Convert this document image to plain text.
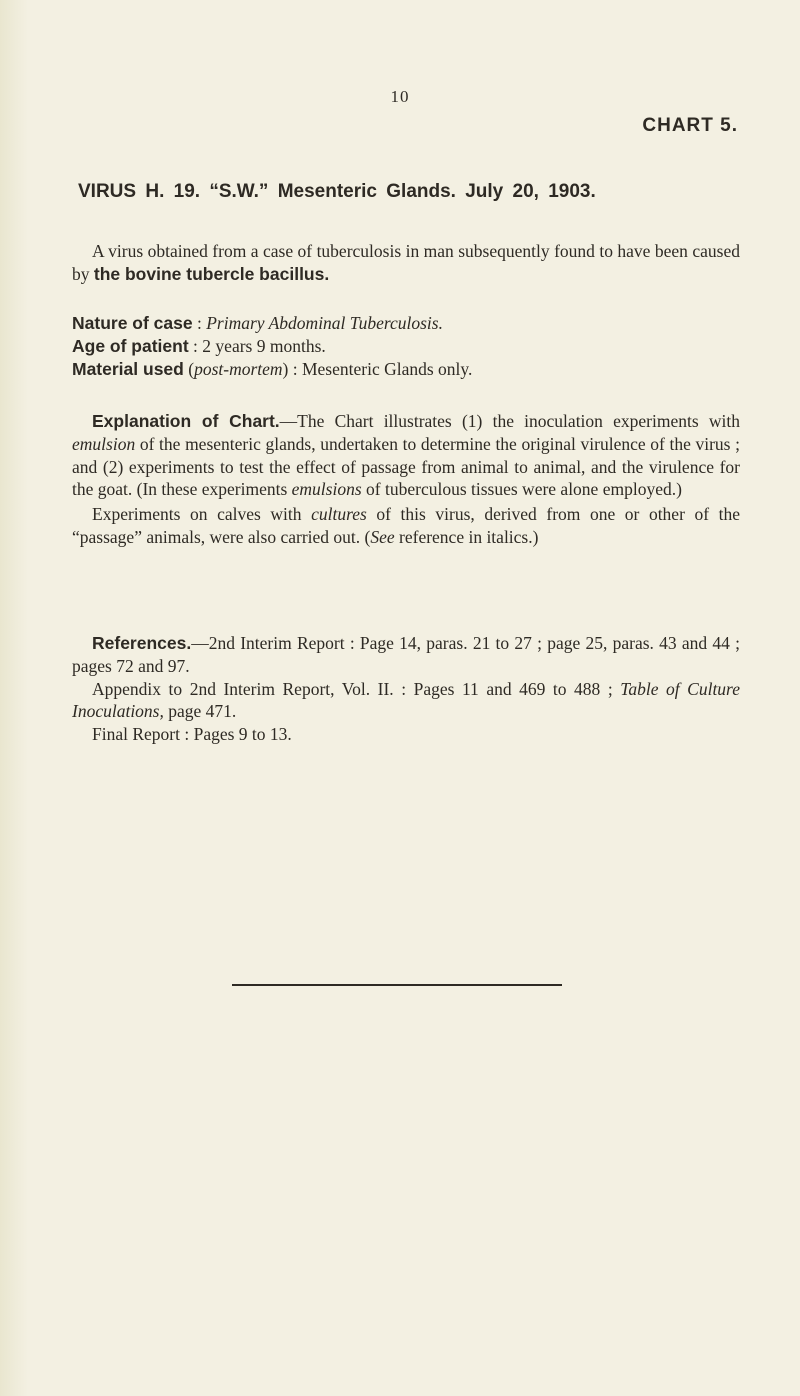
10
CHART 5.
VIRUS H. 19. “S.W.” Mesenteric Glands. July 20, 1903.

A virus obtained from a case of tuberculosis in man subsequently found to have been caused by the bovine tubercle bacillus.

Nature of case : Primary Abdominal Tuberculosis.

Age of patient : 2 years 9 months.

Material used (post-mortem) : Mesenteric Glands only.

Explanation of Chart.—The Chart illustrates (1) the inoculation experiments with emulsion of the mesenteric glands, undertaken to determine the original virulence of the virus ; and (2) experiments to test the effect of passage from animal to animal, and the virulence for the goat. (In these experiments emulsions of tuberculous tissues were alone employed.)

Experiments on calves with cultures of this virus, derived from one or other of the “passage” animals, were also carried out. (See reference in italics.)

References.—2nd Interim Report : Page 14, paras. 21 to 27 ; page 25, paras. 43 and 44 ; pages 72 and 97.

Appendix to 2nd Interim Report, Vol. II. : Pages 11 and 469 to 488 ; Table of Culture Inoculations, page 471.

Final Report : Pages 9 to 13.
